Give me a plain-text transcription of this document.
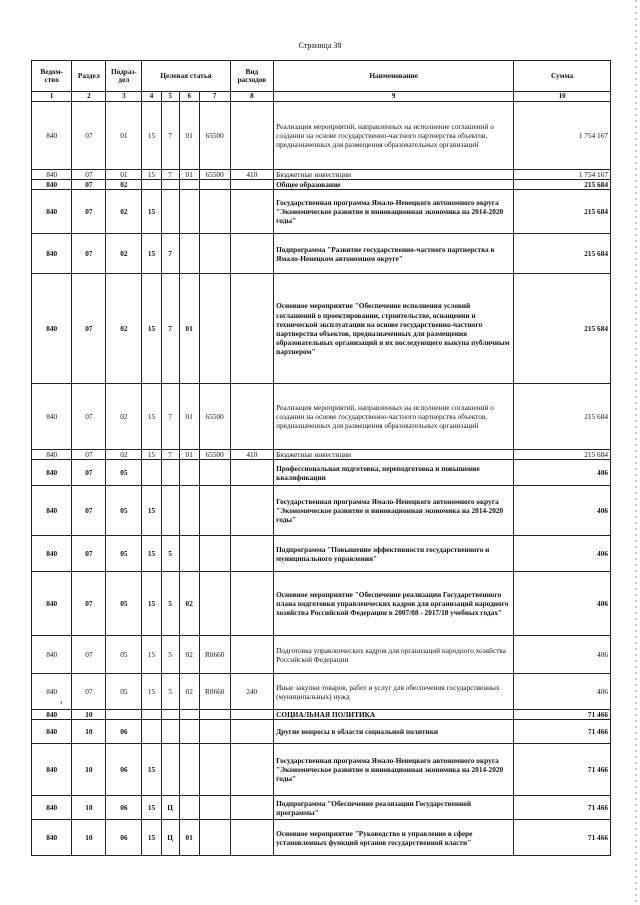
Страница 38
Ведом-ство	Раздел	Подраз-дел	Целевая статья				Вид расходов	Наименование	Сумма
1	2	3	4	5	6	7	8	9	10
840	07	01	15	7	01	65500		Реализация мероприятий, направленных на исполнение соглашений о создании на основе государственно-частного партнерства объектов, предназначенных для размещения образовательных организаций	1 754 167
840	07	01	15	7	01	65500	410	Бюджетные инвестиции	1 754 167
840	07	02						Общее образование	215 684
840	07	02	15					Государственная программа Ямало-Ненецкого автономного округа "Экономическое развитие и инновационная экономика на 2014-2020 годы"	215 684
840	07	02	15	7				Подпрограмма "Развитие государственно-частного партнерства в Ямало-Ненецком автономном округе"	215 684
840	07	02	15	7	01			Основное мероприятие "Обеспечение исполнения условий соглашений о проектировании, строительстве, оснащении и технической эксплуатации на основе государственно-частного партнерства объектов, предназначенных для размещения образовательных организаций и их последующего выкупа публичным партнером"	215 684
840	07	02	15	7	01	65500		Реализация мероприятий, направленных на исполнение соглашений о создании на основе государственно-частного партнерства объектов, предназначенных для размещения образовательных организаций	215 684
840	07	02	15	7	01	65500	410	Бюджетные инвестиции	215 684
840	07	05						Профессиональная подготовка, переподготовка и повышение квалификации	406
840	07	05	15					Государственная программа Ямало-Ненецкого автономного округа "Экономическое развитие и инновационная экономика на 2014-2020 годы"	406
840	07	05	15	5				Подпрограмма "Повышение эффективности государственного и муниципального управления"	406
840	07	05	15	5	02			Основное мероприятие "Обеспечение реализации Государственного плана подготовки управленческих кадров для организаций народного хозяйства Российской Федерации в 2007/08 - 2017/18 учебных годах"	406
840	07	05	15	5	02	R0660		Подготовка управленческих кадров для организаций народного хозяйства Российской Федерации	406
840	07	05	15	5	02	R0660	240	Иные закупки товаров, работ и услуг для обеспечения государственных (муниципальных) нужд	406
840	10							СОЦИАЛЬНАЯ ПОЛИТИКА	71 466
840	10	06						Другие вопросы в области социальной политики	71 466
840	10	06	15					Государственная программа Ямало-Ненецкого автономного округа "Экономическое развитие и инновационная экономика на 2014-2020 годы"	71 466
840	10	06	15	Ц				Подпрограмма "Обеспечение реализации Государственной программы"	71 466
840	10	06	15	Ц	01			Основное мероприятие "Руководство и управление в сфере установленных функций органов государственной власти"	71 466
‹
